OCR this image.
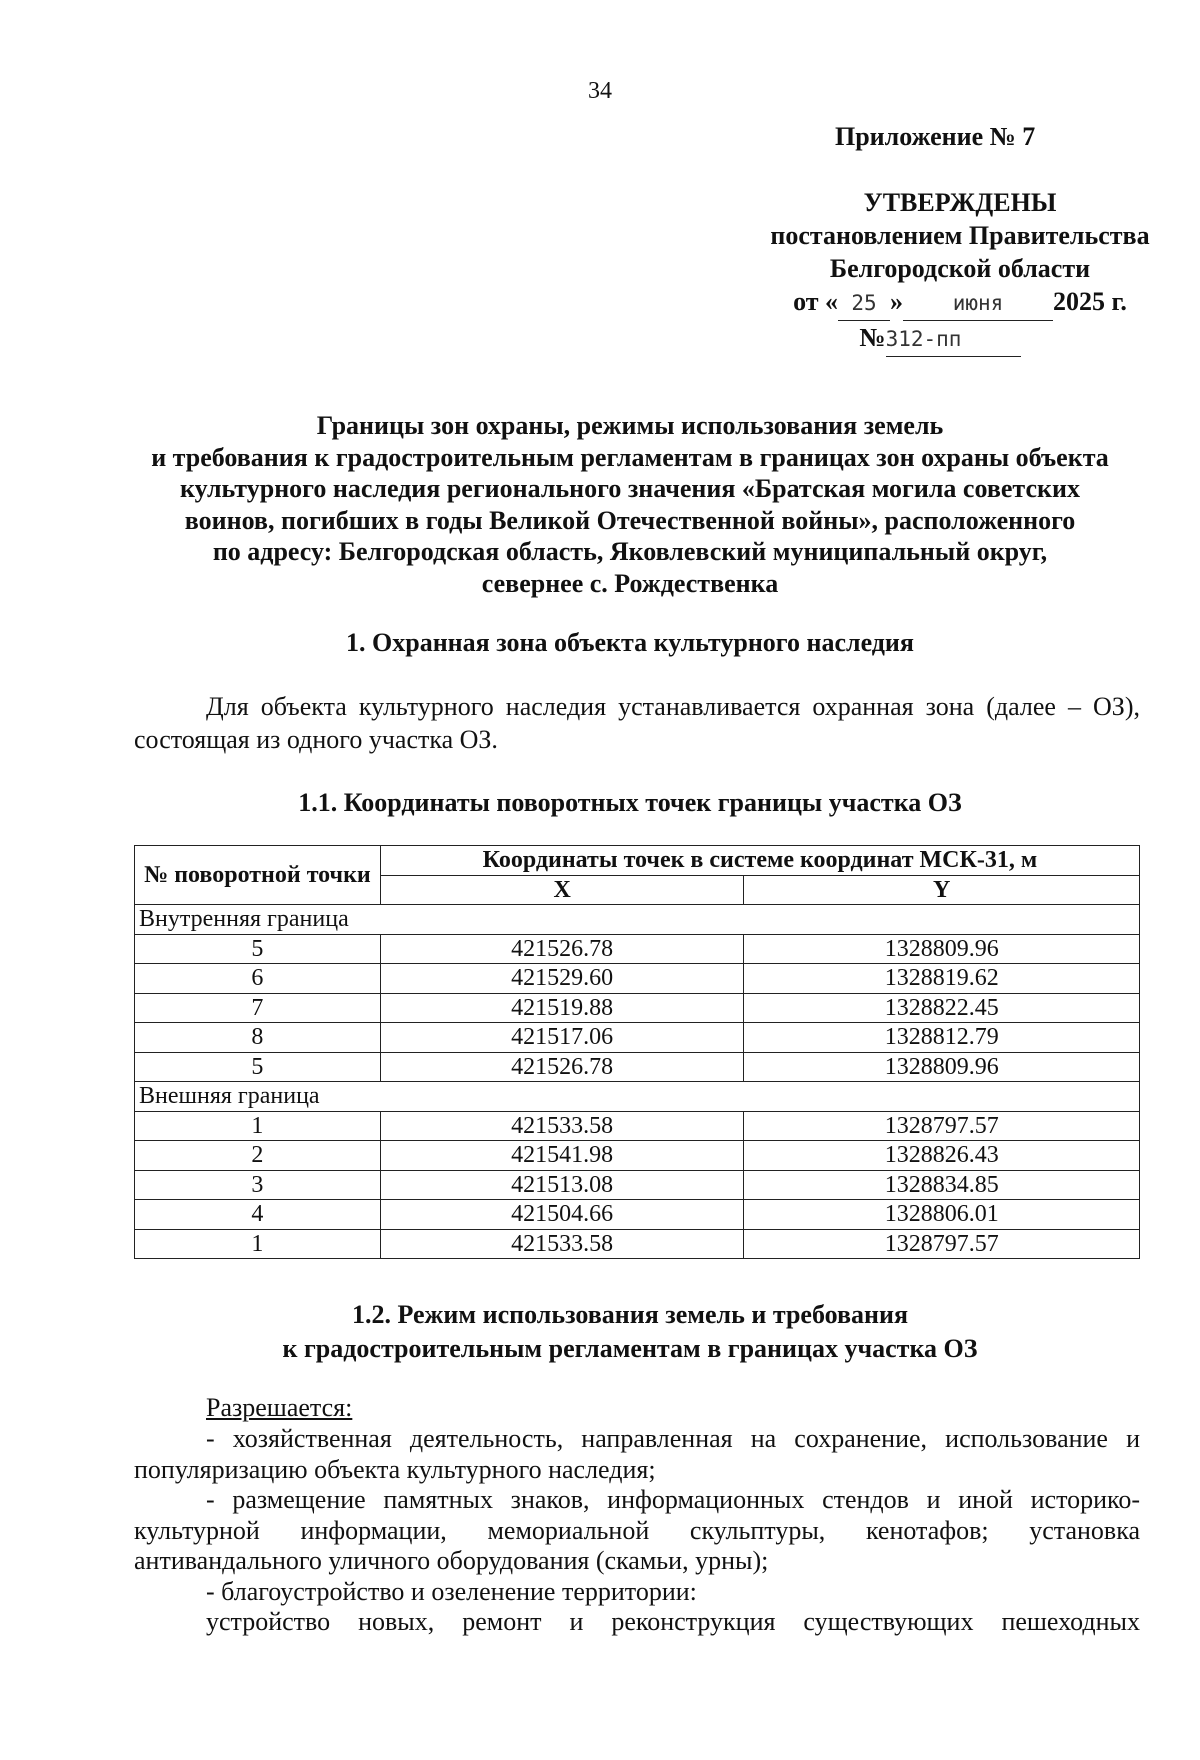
34
Приложение № 7
УТВЕРЖДЕНЫ
постановлением Правительства
Белгородской области
от « 25 » июня 2025 г.
№312-пп
Границы зон охраны, режимы использования земель
и требования к градостроительным регламентам в границах зон охраны объекта
культурного наследия регионального значения «Братская могила советских
воинов, погибших в годы Великой Отечественной войны», расположенного
по адресу: Белгородская область, Яковлевский муниципальный округ,
севернее с. Рождественка
1. Охранная зона объекта культурного наследия
Для объекта культурного наследия устанавливается охранная зона (далее – ОЗ), состоящая из одного участка ОЗ.
1.1. Координаты поворотных точек границы участка ОЗ
№ поворотной точки	Координаты точек в системе координат МСК-31, м	
	X	Y
Внутренняя граница		
5	421526.78	1328809.96
6	421529.60	1328819.62
7	421519.88	1328822.45
8	421517.06	1328812.79
5	421526.78	1328809.96
Внешняя граница		
1	421533.58	1328797.57
2	421541.98	1328826.43
3	421513.08	1328834.85
4	421504.66	1328806.01
1	421533.58	1328797.57
1.2. Режим использования земель и требования
к градостроительным регламентам в границах участка ОЗ
Разрешается:

- хозяйственная деятельность, направленная на сохранение, использование и популяризацию объекта культурного наследия;

- размещение памятных знаков, информационных стендов и иной историко-культурной информации, мемориальной скульптуры, кенотафов; установка антивандального уличного оборудования (скамьи, урны);

- благоустройство и озеленение территории:

устройство новых, ремонт и реконструкция существующих пешеходных
